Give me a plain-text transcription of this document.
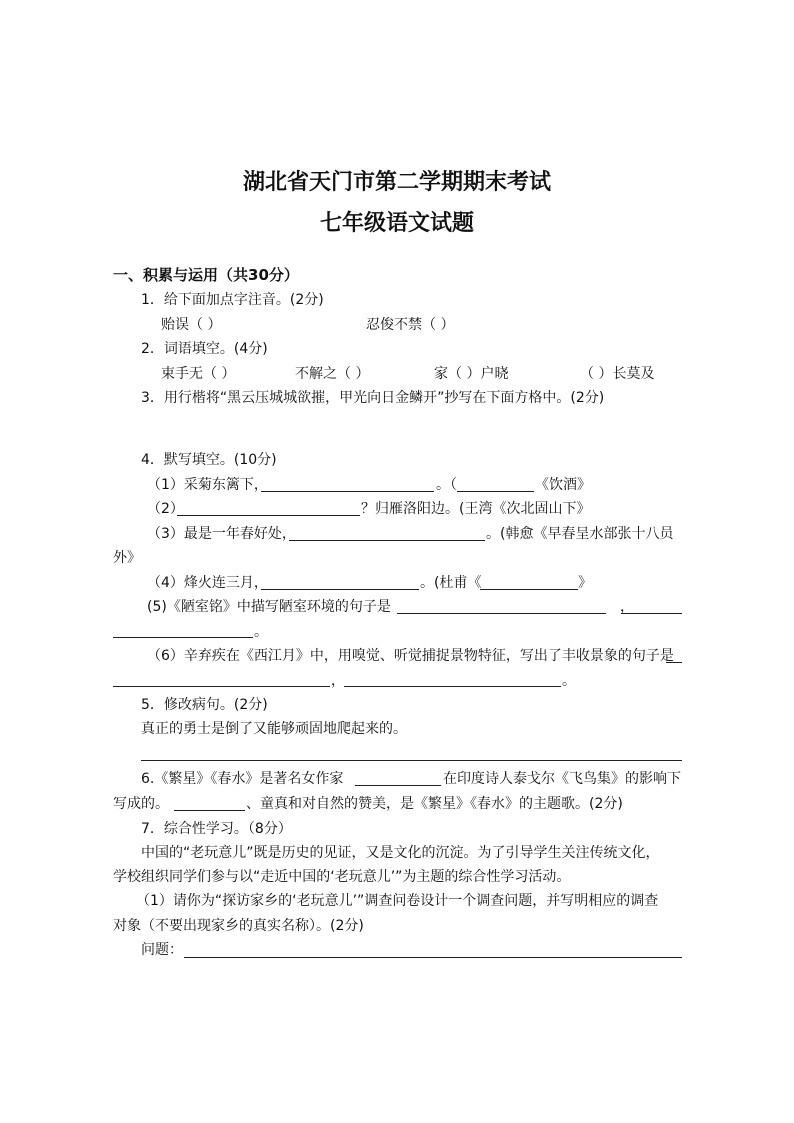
湖北省天门市第二学期期末考试
七年级语文试题
一、积累与运用（共30分）
1．给下面加点字注音。(2分)
贻误（ ）	忍俊不禁（ ）
2．词语填空。(4分)
束手无（ ）	不解之（ ）	家（ ）户晓	（ ）长莫及
3．用行楷将“黑云压城城欲摧，甲光向日金鳞开”抄写在下面方格中。(2分)
4．默写填空。(10分)
（1）采菊东篱下，	。（	《饮酒》
（2）	？归雁洛阳边。(王湾《次北固山下》
（3）最是一年春好处，	。(韩愈《早春呈水部张十八员
外》
（4）烽火连三月，	。(杜甫《	》
(5)《陋室铭》中描写陋室环境的句子是	，
。
（6）辛弃疾在《西江月》中，用嗅觉、听觉捕捉景物特征，写出了丰收景象的句子是
，	。
5．修改病句。(2分)
真正的勇士是倒了又能够顽固地爬起来的。
6.《繁星》《春水》是著名女作家	在印度诗人泰戈尔《飞鸟集》的影响下
写成的。	、童真和对自然的赞美，是《繁星》《春水》的主题歌。(2分)
7．综合性学习。（8分）
中国的“老玩意儿”既是历史的见证，又是文化的沉淀。为了引导学生关注传统文化，
学校组织同学们参与以“走近中国的‘老玩意儿’”为主题的综合性学习活动。
（1）请你为“探访家乡的‘老玩意儿’”调查问卷设计一个调查问题，并写明相应的调查
对象（不要出现家乡的真实名称）。(2分)
问题：
